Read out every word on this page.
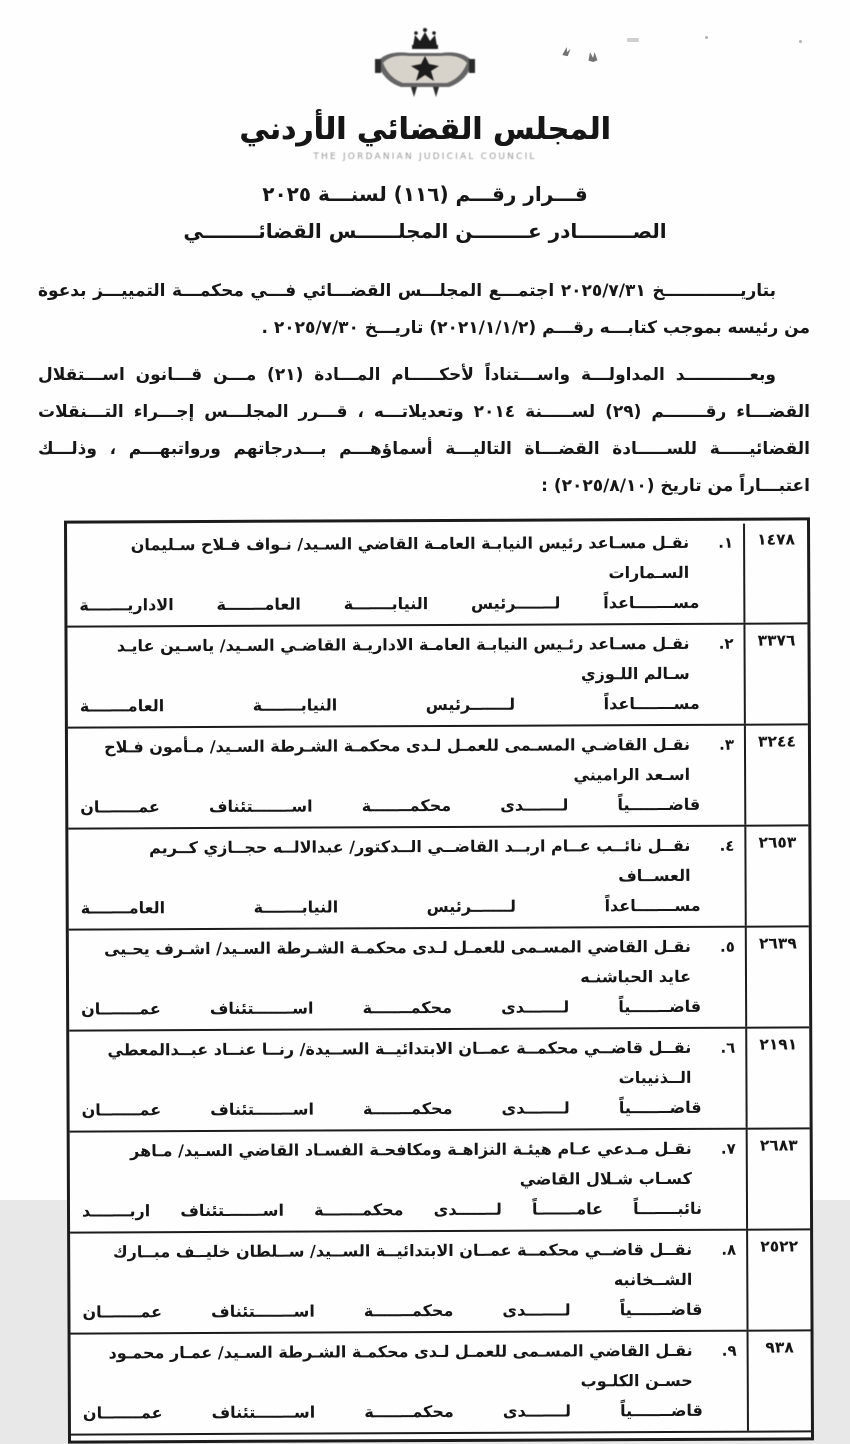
المجلس القضائي الأردني
THE JORDANIAN JUDICIAL COUNCIL
قـــرار رقـــم (١١٦) لسنـــة ٢٠٢٥
الصــــــــادر عــــــــن المجلــــــس القضائــــــــي

بتاريـــــــــــــخ ٢٠٢٥/٧/٣١ اجتمـــع المجلـــس القضـــائي فـــي محكمـــة التمييـــز بدعوة من رئيسه بموجب كتابـــه رقـــم (٢٠٢١/١/١/٢) تاريـــخ ٢٠٢٥/٧/٣٠ .

وبعـــــــــــد المداولـــة واســـتناداً لأحكـــــام المـــادة (٢١) مـــن قـــانون اســـتقلال القضـــاء رقـــــــم (٢٩) لســـــنة ٢٠١٤ وتعديلاتـــه ، قـــرر المجلـــس إجـــراء التـــنقلات القضائيـــــة للســـــادة القضـــاة التاليـــة أسماؤهـــم بـــدرجاتهم ورواتبهـــم ، وذلـــك اعتبـــاراً من تاريخ (٢٠٢٥/٨/١٠) :

١٤٧٨
١.
نقـل مسـاعد رئيس النيابـة العامـة القاضي السـيد/ نـواف فـلاح سـليمان السـمارات
مســـــــاعداً لـــــــرئيس النيابـــــــة العامـــــــة الاداريـــــــة
٣٣٧٦
٢.
نقـل مسـاعد رئـيس النيابـة العامـة الاداريـة القاضـي السـيد/ ياسـين عايـد سـالم اللـوزي
مســـــــاعداً لـــــــرئيس النيابـــــــة العامـــــــة
٣٢٤٤
٣.
نقـل القاضـي المسـمى للعمـل لـدى محكمـة الشـرطة السـيد/ مـأمون فـلاح اسـعد الراميني
قاضـــــــياً لـــــــدى محكمـــــــة اســـــــتئناف عمـــــــان
٢٦٥٣
٤.
نقــل نائــب عــام اربــد القاضــي الــدكتور/ عبدالالــه حجــازي كــريم العســاف
مســـــــاعداً لـــــــرئيس النيابـــــــة العامـــــــة
٢٦٣٩
٥.
نقـل القاضي المسـمى للعمـل لـدى محكمـة الشـرطة السـيد/ اشـرف يحـيى عايد الحباشنـه
قاضـــــــياً لـــــــدى محكمـــــــة اســـــــتئناف عمـــــــان
٢١٩١
٦.
نقــل قاضــي محكمــة عمــان الابتدائيــة الســيدة/ رنــا عنــاد عبــدالمعطي الــذنيبات
قاضـــــــياً لـــــــدى محكمـــــــة اســـــــتئناف عمـــــــان
٢٦٨٣
٧.
نقـل مـدعي عـام هيئـة النزاهـة ومكافحـة الفسـاد القاضي السـيد/ مـاهر كسـاب شـلال القاضي
نائبـــــــاً عامـــــــاً لـــــــدى محكمـــــــة اســـــــتئناف اربـــــــد
٢٥٢٢
٨.
نقــل قاضــي محكمــة عمــان الابتدائيــة الســيد/ ســلطان خليــف مبــارك الشــخانبه
قاضـــــــياً لـــــــدى محكمـــــــة اســـــــتئناف عمـــــــان
٩٣٨
٩.
نقـل القاضي المسـمى للعمـل لـدى محكمـة الشـرطة السـيد/ عمـار محمـود حسـن الكلـوب
قاضـــــــياً لـــــــدى محكمـــــــة اســـــــتئناف عمـــــــان
